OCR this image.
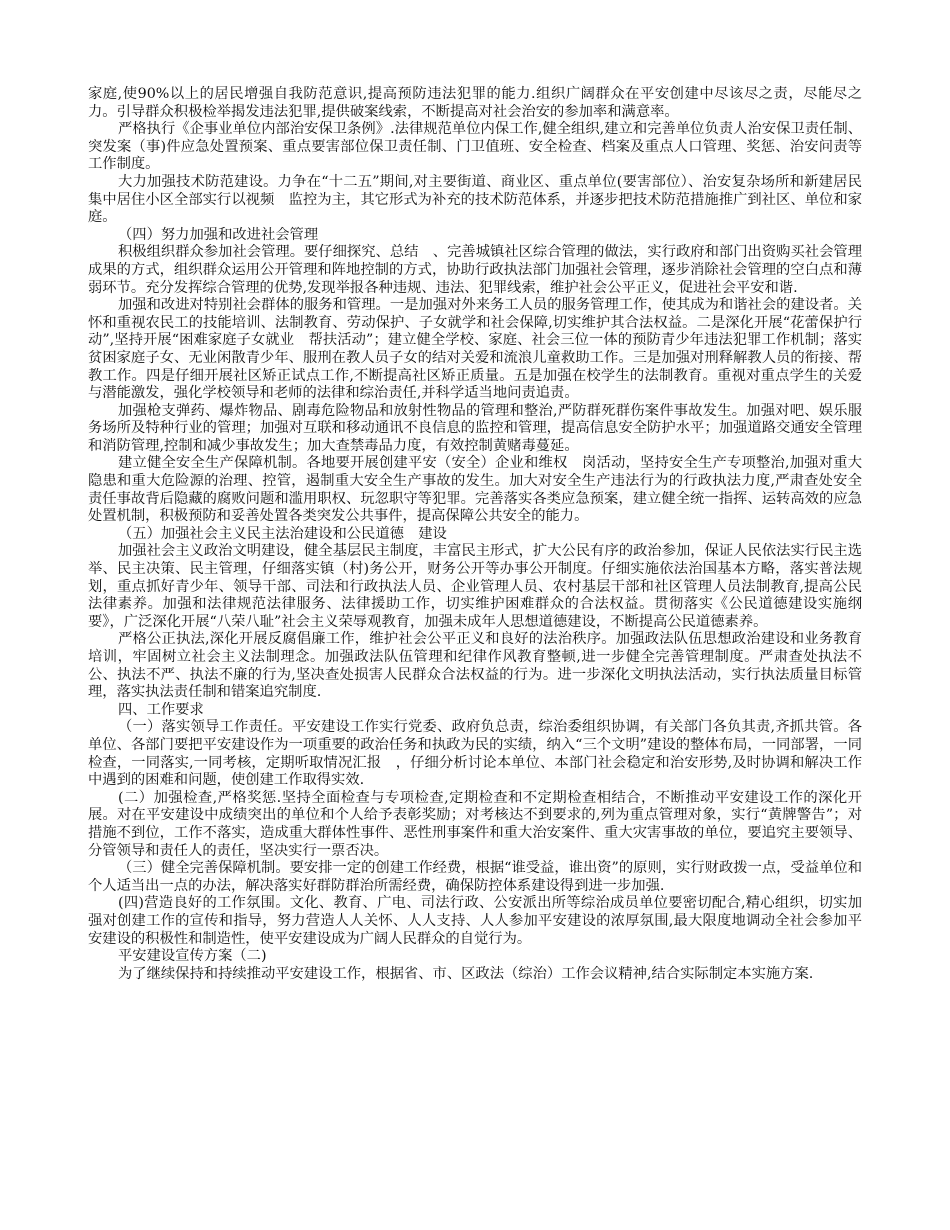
家庭,使90%以上的居民增强自我防范意识,提高预防违法犯罪的能力.组织广阔群众在平安创建中尽该尽之责，尽能尽之力。引导群众积极检举揭发违法犯罪,提供破案线索，不断提高对社会治安的参加率和满意率。

严格执行《企事业单位内部治安保卫条例》.法律规范单位内保工作,健全组织,建立和完善单位负责人治安保卫责任制、突发案（事)件应急处置预案、重点要害部位保卫责任制、门卫值班、安全检查、档案及重点人口管理、奖惩、治安问责等工作制度。

大力加强技术防范建设。力争在“十二五”期间,对主要街道、商业区、重点单位(要害部位）、治安复杂场所和新建居民集中居住小区全部实行以视频　监控为主，其它形式为补充的技术防范体系，并逐步把技术防范措施推广到社区、单位和家庭。

（四）努力加强和改进社会管理

积极组织群众参加社会管理。要仔细探究、总结　、完善城镇社区综合管理的做法，实行政府和部门出资购买社会管理成果的方式，组织群众运用公开管理和阵地控制的方式，协助行政执法部门加强社会管理，逐步消除社会管理的空白点和薄弱环节。充分发挥综合管理的优势,发现举报各种违规、违法、犯罪线索，维护社会公平正义，促进社会平安和谐.

加强和改进对特别社会群体的服务和管理。一是加强对外来务工人员的服务管理工作，使其成为和谐社会的建设者。关怀和重视农民工的技能培训、法制教育、劳动保护、子女就学和社会保障,切实维护其合法权益。二是深化开展“花蕾保护行动”,坚持开展“困难家庭子女就业　帮扶活动”；建立健全学校、家庭、社会三位一体的预防青少年违法犯罪工作机制；落实贫困家庭子女、无业闲散青少年、服刑在教人员子女的结对关爱和流浪儿童救助工作。三是加强对刑释解教人员的衔接、帮教工作。四是仔细开展社区矫正试点工作,不断提高社区矫正质量。五是加强在校学生的法制教育。重视对重点学生的关爱与潜能激发，强化学校领导和老师的法律和综治责任,并科学适当地问责追责。

加强枪支弹药、爆炸物品、剧毒危险物品和放射性物品的管理和整治,严防群死群伤案件事故发生。加强对吧、娱乐服务场所及特种行业的管理；加强对互联和移动通讯不良信息的监控和管理，提高信息安全防护水平；加强道路交通安全管理和消防管理,控制和减少事故发生；加大查禁毒品力度，有效控制黄赌毒蔓延。

建立健全安全生产保障机制。各地要开展创建平安（安全）企业和维权　岗活动，坚持安全生产专项整治,加强对重大隐患和重大危险源的治理、控管，遏制重大安全生产事故的发生。加大对安全生产违法行为的行政执法力度,严肃查处安全责任事故背后隐藏的腐败问题和滥用职权、玩忽职守等犯罪。完善落实各类应急预案，建立健全统一指挥、运转高效的应急处置机制，积极预防和妥善处置各类突发公共事件，提高保障公共安全的能力。

（五）加强社会主义民主法治建设和公民道德　建设

加强社会主义政治文明建设，健全基层民主制度，丰富民主形式，扩大公民有序的政治参加，保证人民依法实行民主选举、民主决策、民主管理，仔细落实镇（村)务公开，财务公开等办事公开制度。仔细实施依法治国基本方略，落实普法规划，重点抓好青少年、领导干部、司法和行政执法人员、企业管理人员、农村基层干部和社区管理人员法制教育,提高公民法律素养。加强和法律规范法律服务、法律援助工作，切实维护困难群众的合法权益。贯彻落实《公民道德建设实施纲要》，广泛深化开展“八荣八耻”社会主义荣辱观教育，加强未成年人思想道德建设，不断提高公民道德素养。

严格公正执法,深化开展反腐倡廉工作，维护社会公平正义和良好的法治秩序。加强政法队伍思想政治建设和业务教育培训，牢固树立社会主义法制理念。加强政法队伍管理和纪律作风教育整顿,进一步健全完善管理制度。严肃查处执法不公、执法不严、执法不廉的行为,坚决查处损害人民群众合法权益的行为。进一步深化文明执法活动，实行执法质量目标管理，落实执法责任制和错案追究制度.

四、工作要求

（一）落实领导工作责任。平安建设工作实行党委、政府负总责，综治委组织协调，有关部门各负其责,齐抓共管。各单位、各部门要把平安建设作为一项重要的政治任务和执政为民的实绩，纳入“三个文明”建设的整体布局，一同部署，一同检查，一同落实,一同考核，定期听取情况汇报　，仔细分析讨论本单位、本部门社会稳定和治安形势,及时协调和解决工作中遇到的困难和问题，使创建工作取得实效.

(二）加强检查,严格奖惩.坚持全面检查与专项检查,定期检查和不定期检查相结合，不断推动平安建设工作的深化开展。对在平安建设中成绩突出的单位和个人给予表彰奖励；对考核达不到要求的,列为重点管理对象，实行“黄牌警告”；对措施不到位，工作不落实，造成重大群体性事件、恶性刑事案件和重大治安案件、重大灾害事故的单位，要追究主要领导、分管领导和责任人的责任，坚决实行一票否决。

（三）健全完善保障机制。要安排一定的创建工作经费，根据“谁受益，谁出资”的原则，实行财政拨一点，受益单位和个人适当出一点的办法，解决落实好群防群治所需经费，确保防控体系建设得到进一步加强.

(四)营造良好的工作氛围。文化、教育、广电、司法行政、公安派出所等综治成员单位要密切配合,精心组织，切实加强对创建工作的宣传和指导，努力营造人人关怀、人人支持、人人参加平安建设的浓厚氛围,最大限度地调动全社会参加平安建设的积极性和制造性，使平安建设成为广阔人民群众的自觉行为。

平安建设宣传方案（二)

为了继续保持和持续推动平安建设工作，根据省、市、区政法（综治）工作会议精神,结合实际制定本实施方案.
